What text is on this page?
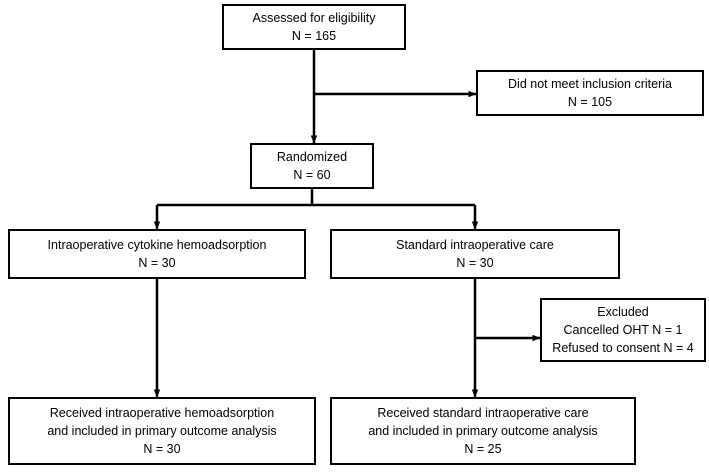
Assessed for eligibility
N = 165
Did not meet inclusion criteria
N = 105
Randomized
N = 60
Intraoperative cytokine hemoadsorption
N = 30
Standard intraoperative care
N = 30
Excluded
Cancelled OHT N = 1
Refused to consent N = 4
Received intraoperative hemoadsorption
and included in primary outcome analysis
N = 30
Received standard intraoperative care
and included in primary outcome analysis
N = 25
